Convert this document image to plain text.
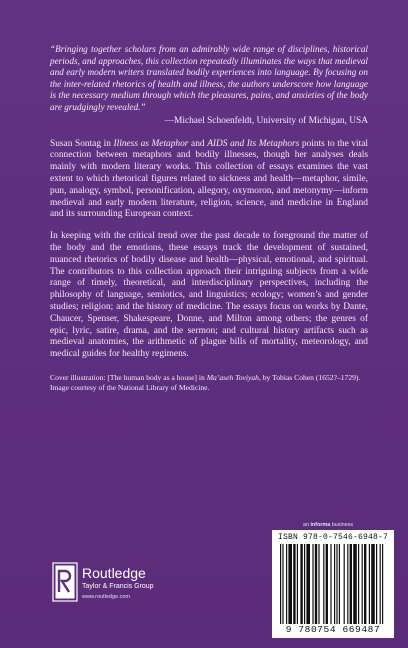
“Bringing together scholars from an admirably wide range of disciplines, historical periods, and approaches, this collection repeatedly illuminates the ways that medieval and early modern writers translated bodily experiences into language. By focusing on the inter-related rhetorics of health and illness, the authors underscore how language is the necessary medium through which the pleasures, pains, and anxieties of the body are grudgingly revealed.”

—Michael Schoenfeldt, University of Michigan, USA

Susan Sontag in Illness as Metaphor and AIDS and Its Metaphors points to the vital connection between metaphors and bodily illnesses, though her analyses deals mainly with modern literary works. This collection of essays examines the vast extent to which rhetorical figures related to sickness and health—metaphor, simile, pun, analogy, symbol, personification, allegory, oxymoron, and metonymy—inform medieval and early modern literature, religion, science, and medicine in England and its surrounding European context.

In keeping with the critical trend over the past decade to foreground the matter of the body and the emotions, these essays track the development of sustained, nuanced rhetorics of bodily disease and health—physical, emotional, and spiritual. The contributors to this collection approach their intriguing subjects from a wide range of timely, theoretical, and interdisciplinary perspectives, including the philosophy of language, semiotics, and linguistics; ecology; women’s and gender studies; religion; and the history of medicine. The essays focus on works by Dante, Chaucer, Spenser, Shakespeare, Donne, and Milton among others; the genres of epic, lyric, satire, drama, and the sermon; and cultural history artifacts such as medieval anatomies, the arithmetic of plague bills of mortality, meteorology, and medical guides for healthy regimens.

Cover illustration: [The human body as a house] in Ma’aseh Toviyah, by Tobias Cohen (1652?–1729). Image courtesy of the National Library of Medicine.

an informa business
ISBN 978-0-7546-6948-7
9 780754 669487
Routledge
Taylor & Francis Group
www.routledge.com
